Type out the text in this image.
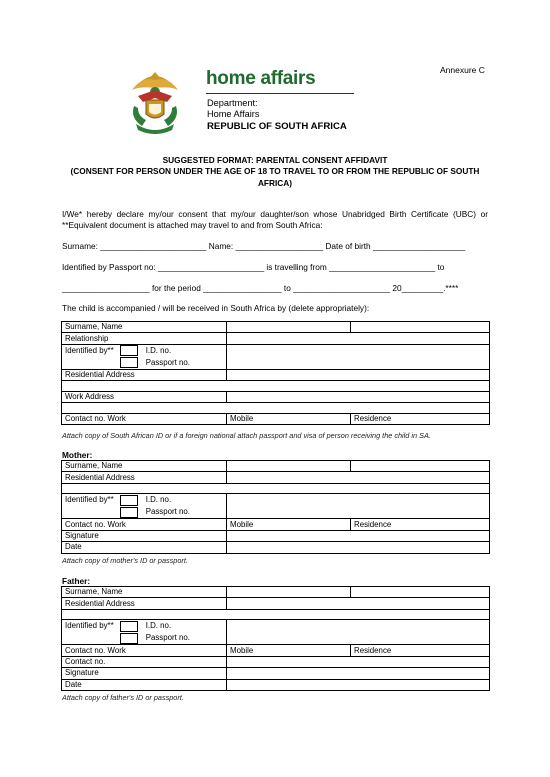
Annexure C
home affairs
Department:
Home Affairs
REPUBLIC OF SOUTH AFRICA
SUGGESTED FORMAT: PARENTAL CONSENT AFFIDAVIT
(CONSENT FOR PERSON UNDER THE AGE OF 18 TO TRAVEL TO OR FROM THE REPUBLIC OF SOUTH AFRICA)
I/We* hereby declare my/our consent that my/our daughter/son whose Unabridged Birth Certificate (UBC) or **Equivalent document is attached may travel to and from South Africa:
Surname: _______________________ Name: ___________________ Date of birth ____________________
Identified by Passport no: _______________________ is travelling from _______________________ to
___________________ for the period _________________ to _____________________ 20_________.****
The child is accompanied / will be received in South Africa by (delete appropriately):
Surname, Name		
Relationship		

Identified by** I.D. no.
Passport no.		

Residential Address		

Work Address		

Contact no. Work	Mobile	Residence
Attach copy of South African ID or if a foreign national attach passport and visa of person receiving the child in SA.
Mother:
Surname, Name		
Residential Address		

Identified by** I.D. no.
Passport no.		

Contact no. Work	Mobile	Residence
Signature		
Date		
Attach copy of mother's ID or passport.
Father:
Surname, Name		
Residential Address		

Identified by** I.D. no.
Passport no.		

Contact no. Work	Mobile	Residence
Contact no.		
Signature		
Date		
Attach copy of father's ID or passport.
